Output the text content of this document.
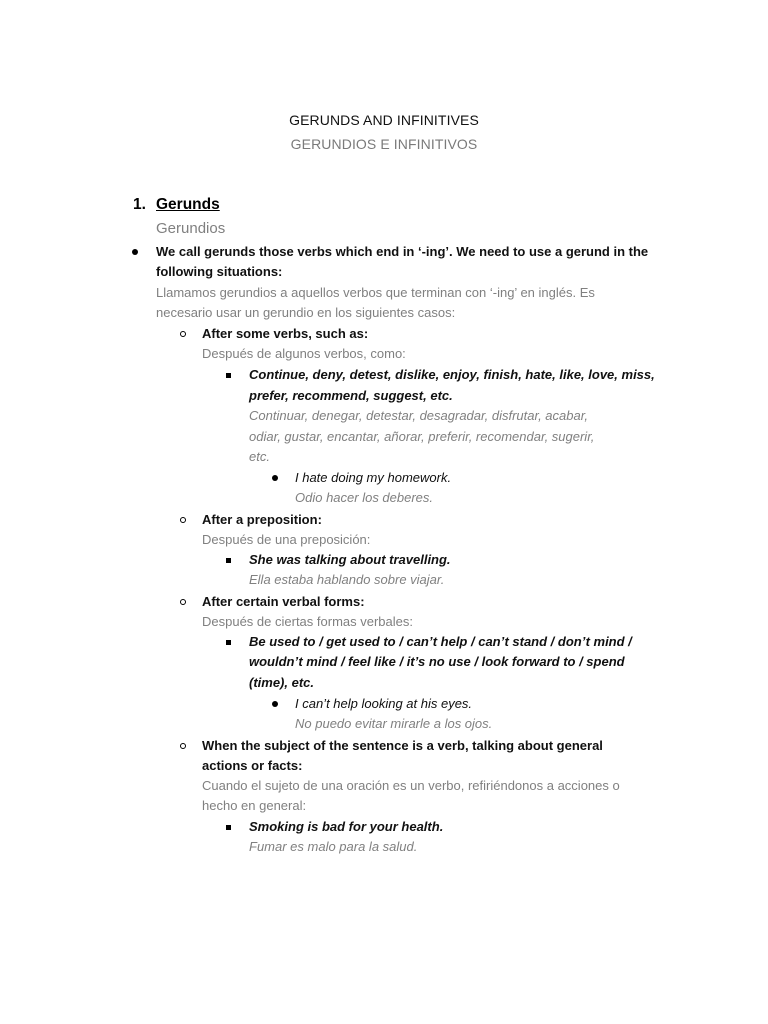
GERUNDS AND INFINITIVES
GERUNDIOS E INFINITIVOS
1. Gerunds
Gerundios
We call gerunds those verbs which end in ‘-ing’. We need to use a gerund in the
following situations:
Llamamos gerundios a aquellos verbos que terminan con ‘-ing’ en inglés. Es
necesario usar un gerundio en los siguientes casos:
After some verbs, such as:
Después de algunos verbos, como:
Continue, deny, detest, dislike, enjoy, finish, hate, like, love, miss,
prefer, recommend, suggest, etc.
Continuar, denegar, detestar, desagradar, disfrutar, acabar,
odiar, gustar, encantar, añorar, preferir, recomendar, sugerir,
etc.
I hate doing my homework.
Odio hacer los deberes.
After a preposition:
Después de una preposición:
She was talking about travelling.
Ella estaba hablando sobre viajar.
After certain verbal forms:
Después de ciertas formas verbales:
Be used to / get used to / can’t help / can’t stand / don’t mind /
wouldn’t mind / feel like / it’s no use / look forward to / spend
(time), etc.
I can’t help looking at his eyes.
No puedo evitar mirarle a los ojos.
When the subject of the sentence is a verb, talking about general
actions or facts:
Cuando el sujeto de una oración es un verbo, refiriéndonos a acciones o
hecho en general:
Smoking is bad for your health.
Fumar es malo para la salud.
